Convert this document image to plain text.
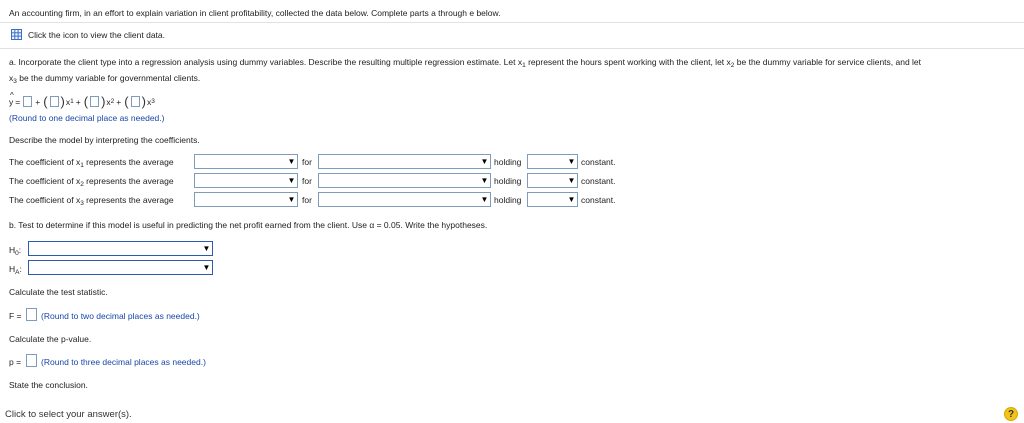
An accounting firm, in an effort to explain variation in client profitability, collected the data below. Complete parts a through e below.
Click the icon to view the client data.
a. Incorporate the client type into a regression analysis using dummy variables. Describe the resulting multiple regression estimate. Let $x_1$ represent the hours spent working with the client, let $x_2$ be the dummy variable for service clients, and let
$x_3$ be the dummy variable for governmental clients.
^ y = + ( ) x 1 + ( ) x 2 + ( ) x 3
(Round to one decimal place as needed.)
Describe the model by interpreting the coefficients.
The coefficient of $x_1$ represents the average	▼ for	▼ holding	▼ constant.
The coefficient of $x_2$ represents the average	▼ for	▼ holding	▼ constant.
The coefficient of $x_3$ represents the average	▼ for	▼ holding	▼ constant.
b. Test to determine if this model is useful in predicting the net profit earned from the client. Use α = 0.05. Write the hypotheses.
$H_0$:	▼
$H_A$:	▼
Calculate the test statistic.
F = (Round to two decimal places as needed.)
Calculate the p-value.
p = (Round to three decimal places as needed.)
State the conclusion.
Click to select your answer(s).	?
